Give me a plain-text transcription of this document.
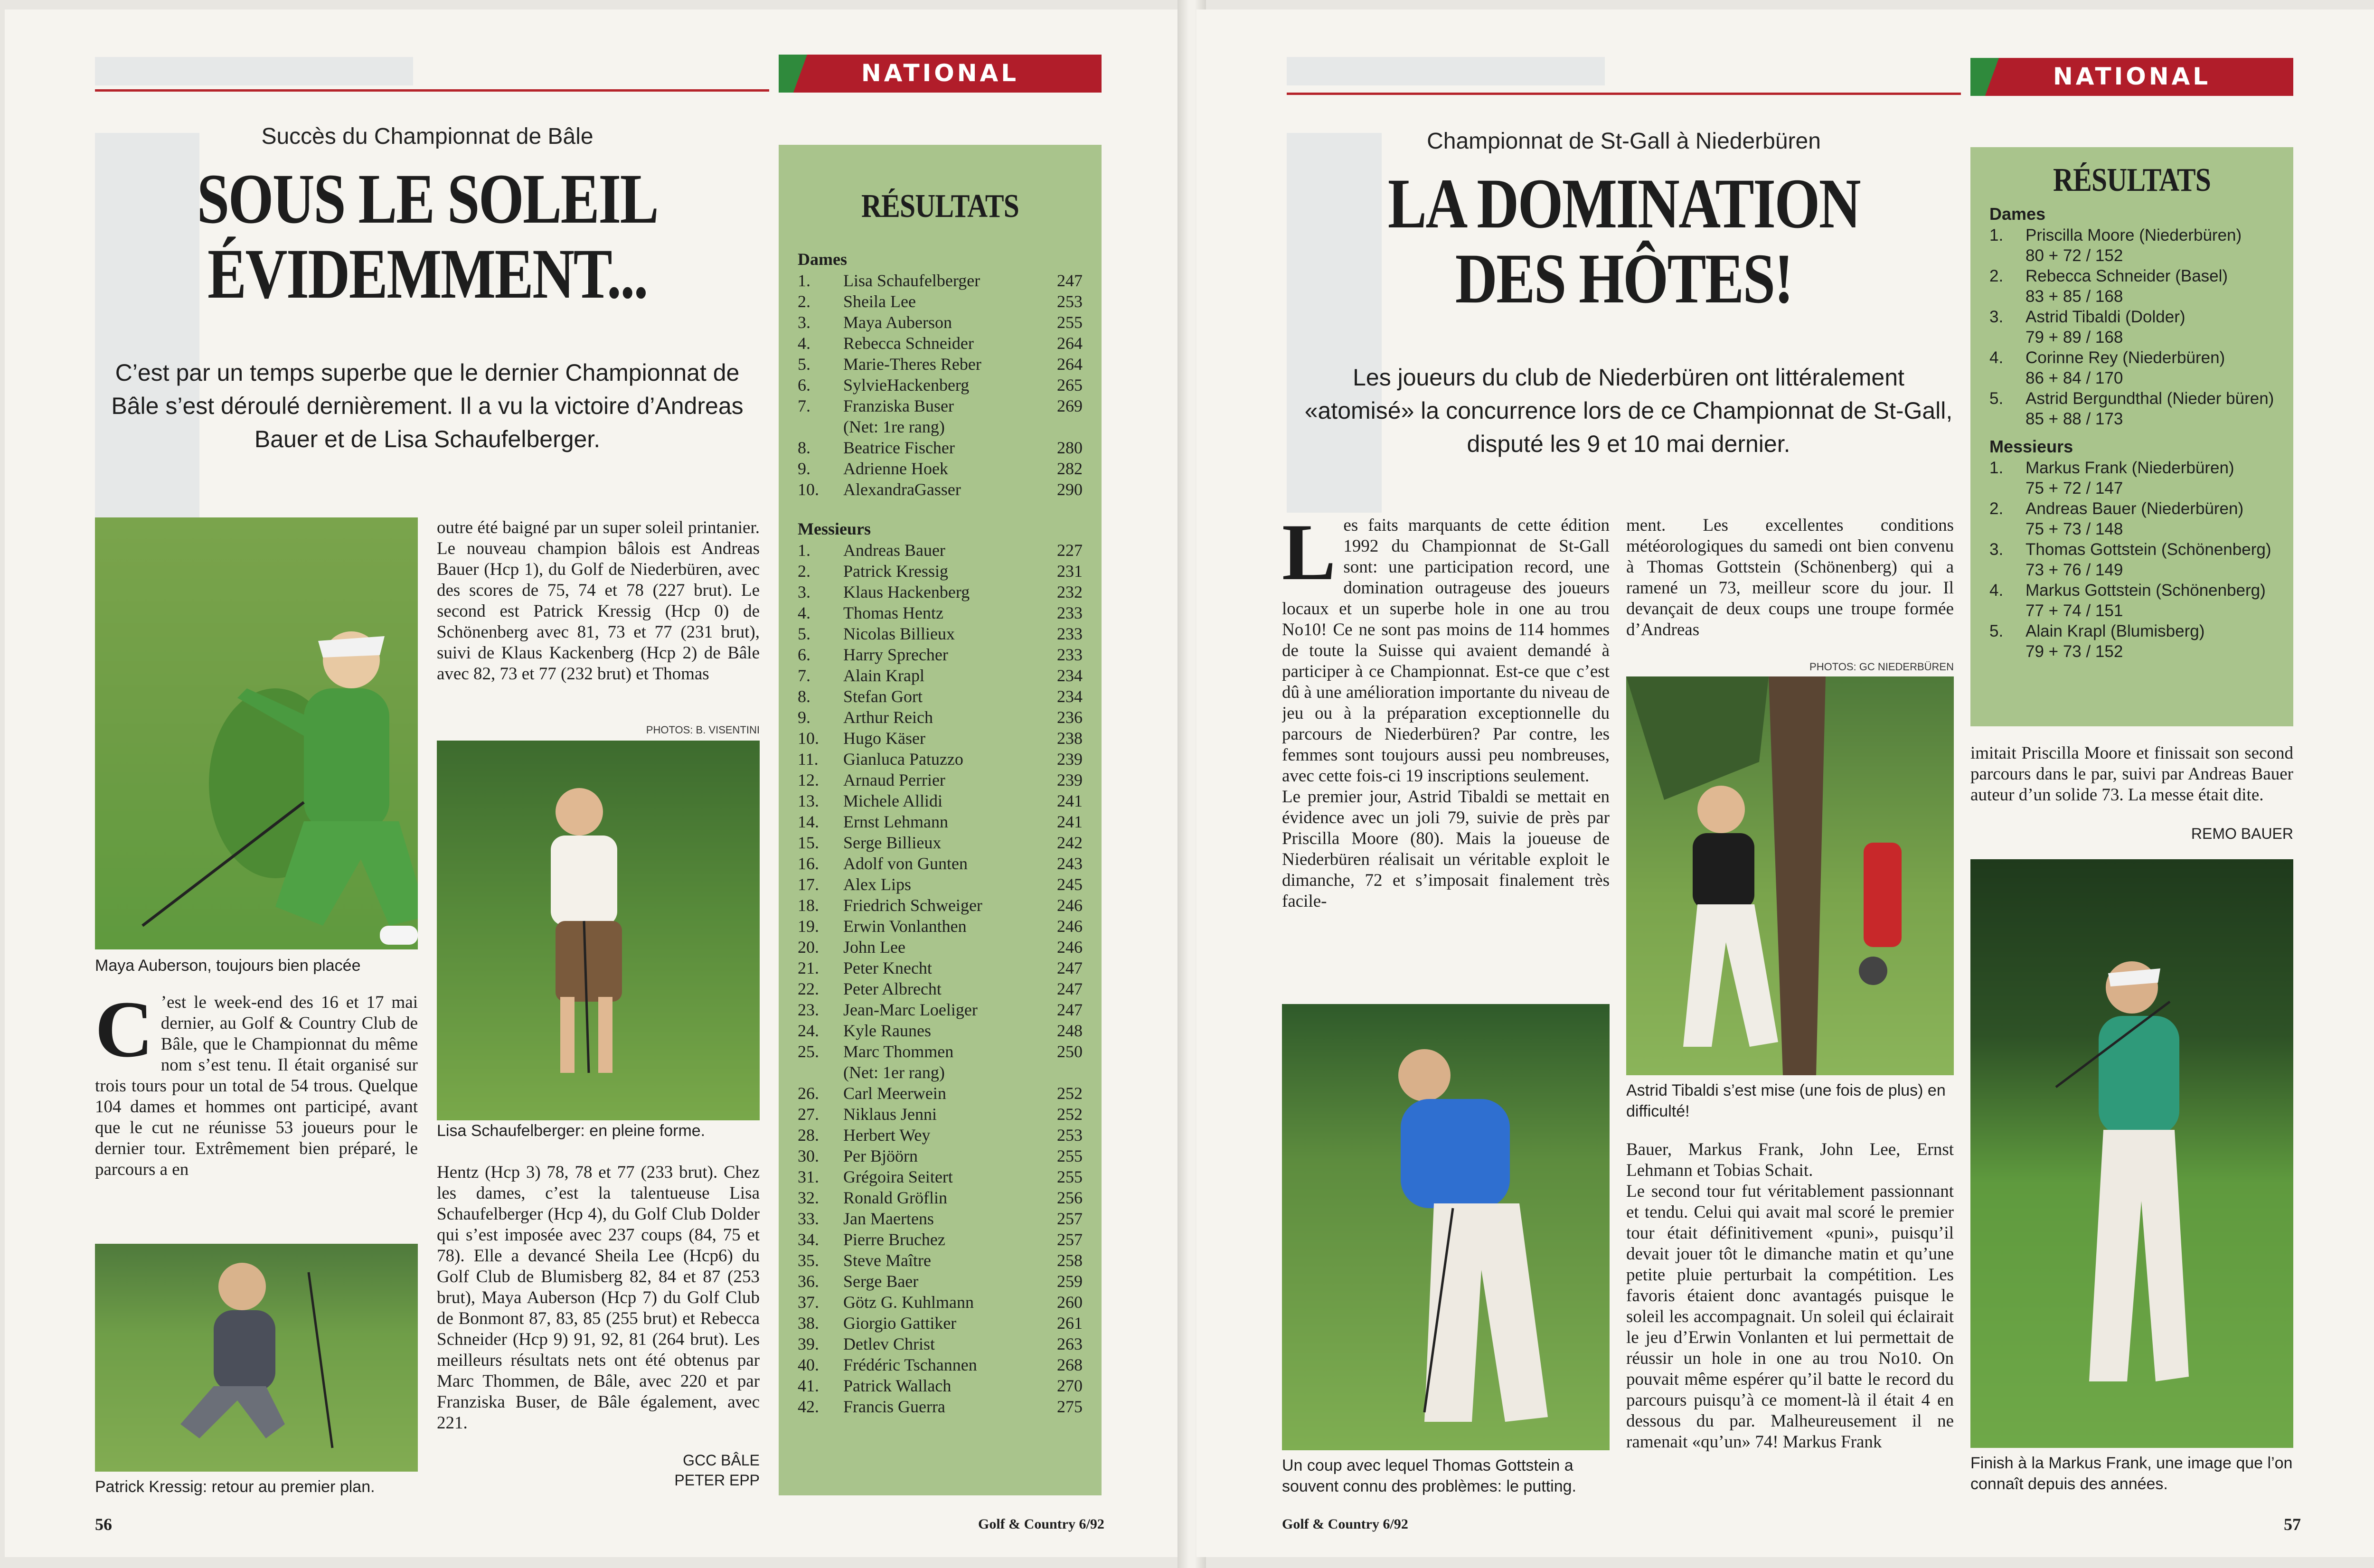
NATIONAL
Succès du Championnat de Bâle
SOUS LE SOLEIL
ÉVIDEMMENT...
C’est par un temps superbe que le dernier Championnat de Bâle s’est déroulé dernièrement. Il a vu la victoire d’Andreas Bauer et de Lisa Schaufelberger.
Maya Auberson, toujours bien placée
C ’est le week-end des 16 et 17 mai dernier, au Golf & Country Club de Bâle, que le Championnat du même nom s’est tenu. Il était organisé sur trois tours pour un total de 54 trous. Quelque 104 dames et hommes ont participé, avant que le cut ne réunisse 53 joueurs pour le dernier tour. Extrêmement bien préparé, le parcours a en
Patrick Kressig: retour au premier plan.
outre été baigné par un super soleil printanier. Le nouveau champion bâlois est Andreas Bauer (Hcp 1), du Golf de Niederbüren, avec des scores de 75, 74 et 78 (227 brut). Le second est Patrick Kressig (Hcp 0) de Schönenberg avec 81, 73 et 77 (231 brut), suivi de Klaus Kackenberg (Hcp 2) de Bâle avec 82, 73 et 77 (232 brut) et Thomas
PHOTOS: B. VISENTINI
Lisa Schaufelberger: en pleine forme.
Hentz (Hcp 3) 78, 78 et 77 (233 brut). Chez les dames, c’est la talentueuse Lisa Schaufelberger (Hcp 4), du Golf Club Dolder qui s’est imposée avec 237 coups (84, 75 et 78). Elle a devancé Sheila Lee (Hcp6) du Golf Club de Blumisberg 82, 84 et 87 (253 brut), Maya Auberson (Hcp 7) du Golf Club de Bonmont 87, 83, 85 (255 brut) et Rebecca Schneider (Hcp 9) 91, 92, 81 (264 brut). Les meilleurs résultats nets ont été obtenus par Marc Thommen, de Bâle, avec 220 et par Franziska Buser, de Bâle également, avec 221.
GCC BÂLE
PETER EPP
RÉSULTATS
Dames
1.	Lisa Schaufelberger	247
2.	Sheila Lee	253
3.	Maya Auberson	255
4.	Rebecca Schneider	264
5.	Marie-Theres Reber	264
6.	SylvieHackenberg	265
7.	Franziska Buser	269
(Net: 1re rang)
8.	Beatrice Fischer	280
9.	Adrienne Hoek	282
10.	AlexandraGasser	290
Messieurs
1.	Andreas Bauer	227
2.	Patrick Kressig	231
3.	Klaus Hackenberg	232
4.	Thomas Hentz	233
5.	Nicolas Billieux	233
6.	Harry Sprecher	233
7.	Alain Krapl	234
8.	Stefan Gort	234
9.	Arthur Reich	236
10.	Hugo Käser	238
11.	Gianluca Patuzzo	239
12.	Arnaud Perrier	239
13.	Michele Allidi	241
14.	Ernst Lehmann	241
15.	Serge Billieux	242
16.	Adolf von Gunten	243
17.	Alex Lips	245
18.	Friedrich Schweiger	246
19.	Erwin Vonlanthen	246
20.	John Lee	246
21.	Peter Knecht	247
22.	Peter Albrecht	247
23.	Jean-Marc Loeliger	247
24.	Kyle Raunes	248
25.	Marc Thommen	250
(Net: 1er rang)
26.	Carl Meerwein	252
27.	Niklaus Jenni	252
28.	Herbert Wey	253
30.	Per Bjöörn	255
31.	Grégoira Seitert	255
32.	Ronald Gröflin	256
33.	Jan Maertens	257
34.	Pierre Bruchez	257
35.	Steve Maître	258
36.	Serge Baer	259
37.	Götz G. Kuhlmann	260
38.	Giorgio Gattiker	261
39.	Detlev Christ	263
40.	Frédéric Tschannen	268
41.	Patrick Wallach	270
42.	Francis Guerra	275
56	Golf & Country 6/92
NATIONAL
Championnat de St-Gall à Niederbüren
LA DOMINATION
DES HÔTES!
Les joueurs du club de Niederbüren ont littéralement «atomisé» la concurrence lors de ce Championnat de St-Gall, disputé les 9 et 10 mai dernier.
Les faits marquants de cette édition 1992 du Championnat de St-Gall sont: une participation record, une domination outrageuse des joueurs locaux et un superbe hole in one au trou No10! Ce ne sont pas moins de 114 hommes de toute la Suisse qui avaient demandé à participer à ce Championnat. Est-ce que c’est dû à une amélioration importante du niveau de jeu ou à la préparation exceptionnelle du parcours de Niederbüren? Par contre, les femmes sont toujours aussi peu nombreuses, avec cette fois-ci 19 inscriptions seulement.

Le premier jour, Astrid Tibaldi se mettait en évidence avec un joli 79, suivie de près par Priscilla Moore (80). Mais la joueuse de Niederbüren réalisait un véritable exploit le dimanche, 72 et s’imposait finalement très facile-

Un coup avec lequel Thomas Gottstein a souvent connu des problèmes: le putting.
ment. Les excellentes conditions météorologiques du samedi ont bien convenu à Thomas Gottstein (Schönenberg) qui a ramené un 73, meilleur score du jour. Il devançait de deux coups une troupe formée d’Andreas
PHOTOS: GC NIEDERBÜREN
Astrid Tibaldi s’est mise (une fois de plus) en difficulté!

Bauer, Markus Frank, John Lee, Ernst Lehmann et Tobias Schait.

Le second tour fut véritablement passionnant et tendu. Celui qui avait mal scoré le premier tour était définitivement «puni», puisqu’il devait jouer tôt le dimanche matin et qu’une petite pluie perturbait la compétition. Les favoris étaient donc avantagés puisque le soleil les accompagnait. Un soleil qui éclairait le jeu d’Erwin Vonlanten et lui permettait de réussir un hole in one au trou No10. On pouvait même espérer qu’il batte le record du parcours puisqu’à ce moment-là il était 4 en dessous du par. Malheureusement il ne ramenait «qu’un» 74! Markus Frank

RÉSULTATS
Dames
1.	Priscilla Moore (Niederbüren)
80 + 72 / 152
2.	Rebecca Schneider (Basel)
83 + 85 / 168
3.	Astrid Tibaldi (Dolder)
79 + 89 / 168
4.	Corinne Rey (Niederbüren)
86 + 84 / 170
5.	Astrid Bergundthal (Nieder büren) 85 + 88 / 173
Messieurs
1.	Markus Frank (Niederbüren)
75 + 72 / 147
2.	Andreas Bauer (Niederbüren)
75 + 73 / 148
3.	Thomas Gottstein (Schönenberg)
73 + 76 / 149
4.	Markus Gottstein (Schönenberg)
77 + 74 / 151
5.	Alain Krapl (Blumisberg)
79 + 73 / 152
imitait Priscilla Moore et finissait son second parcours dans le par, suivi par Andreas Bauer auteur d’un solide 73. La messe était dite.
REMO BAUER
Finish à la Markus Frank, une image que l’on connaît depuis des années.
57
Golf & Country 6/92
